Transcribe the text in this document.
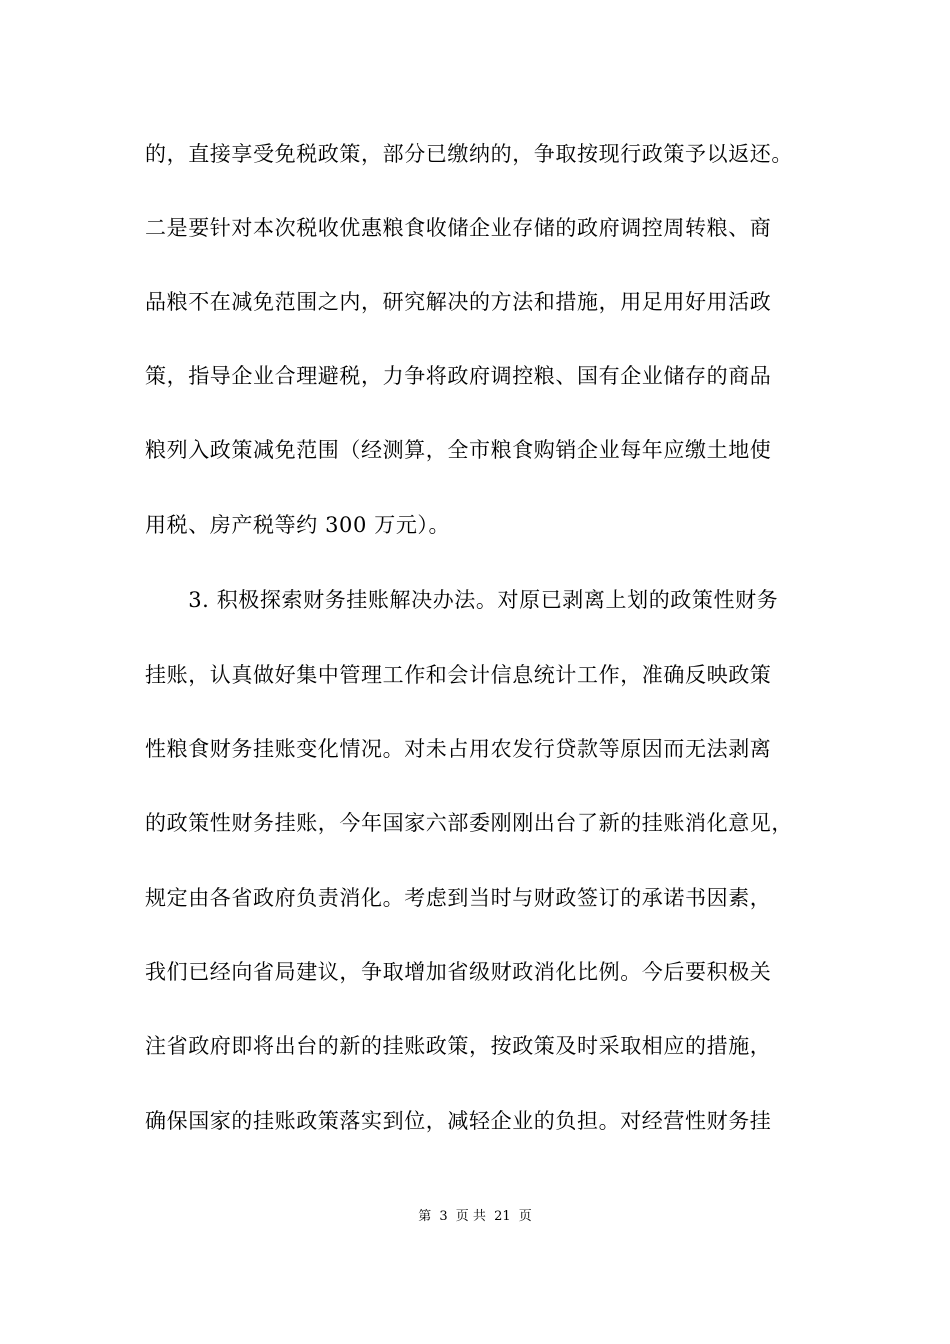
的，直接享受免税政策，部分已缴纳的，争取按现行政策予以返还。
二是要针对本次税收优惠粮食收储企业存储的政府调控周转粮、商
品粮不在减免范围之内，研究解决的方法和措施，用足用好用活政
策，指导企业合理避税，力争将政府调控粮、国有企业储存的商品
粮列入政策减免范围（经测算，全市粮食购销企业每年应缴土地使
用税、房产税等约 300 万元）。
　　3. 积极探索财务挂账解决办法。对原已剥离上划的政策性财务
挂账，认真做好集中管理工作和会计信息统计工作，准确反映政策
性粮食财务挂账变化情况。对未占用农发行贷款等原因而无法剥离
的政策性财务挂账，今年国家六部委刚刚出台了新的挂账消化意见，
规定由各省政府负责消化。考虑到当时与财政签订的承诺书因素，
我们已经向省局建议，争取增加省级财政消化比例。今后要积极关
注省政府即将出台的新的挂账政策，按政策及时采取相应的措施，
确保国家的挂账政策落实到位，减轻企业的负担。对经营性财务挂
第 3 页 共 21 页
